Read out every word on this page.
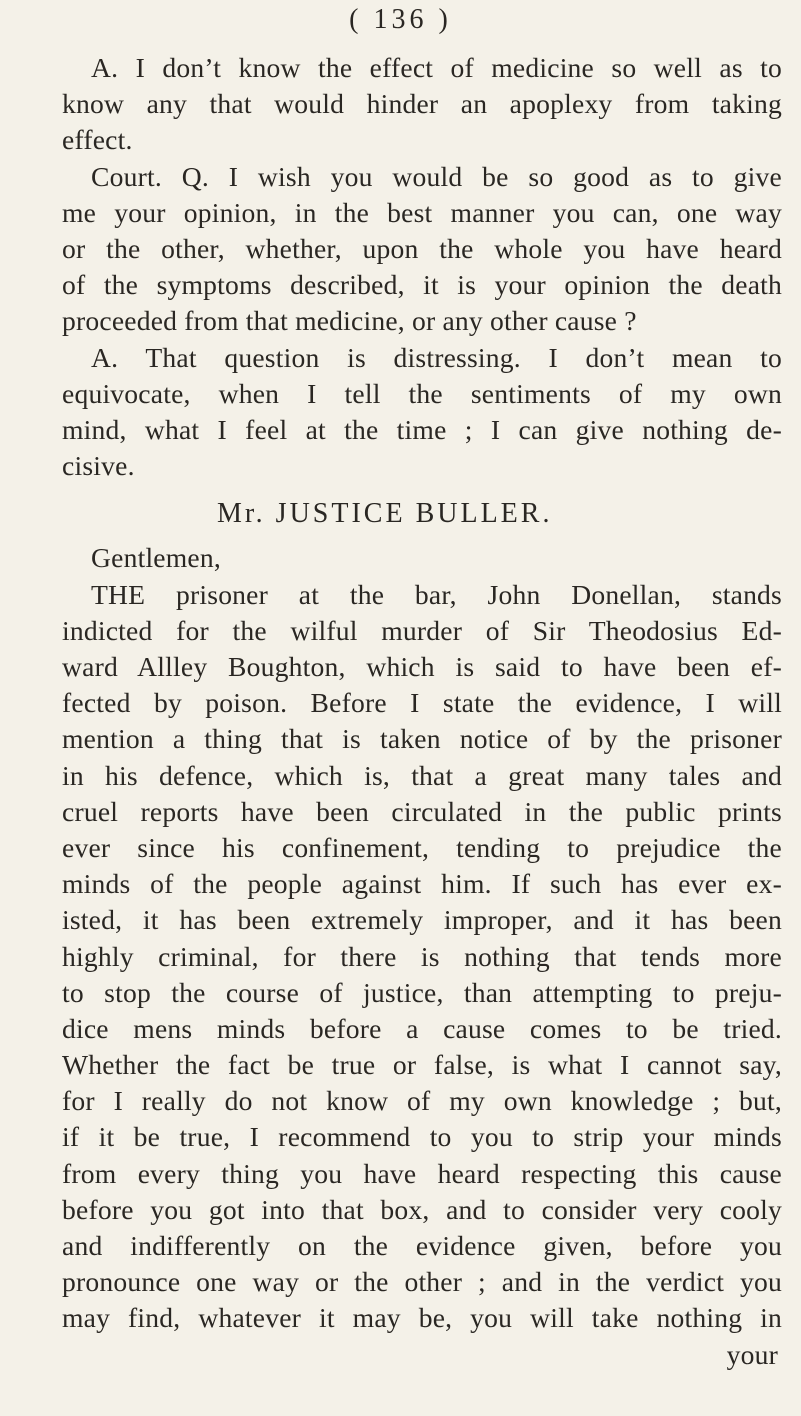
( 136 )
A. I don’t know the effect of medicine so well as to
know any that would hinder an apoplexy from taking
effect.
Court. Q. I wish you would be so good as to give
me your opinion, in the best manner you can, one way
or the other, whether, upon the whole you have heard
of the symptoms described, it is your opinion the death
proceeded from that medicine, or any other cause ?
A. That question is distressing. I don’t mean to
equivocate, when I tell the sentiments of my own
mind, what I feel at the time ; I can give nothing de-
cisive.
Mr. JUSTICE BULLER.
Gentlemen,
THE prisoner at the bar, John Donellan, stands
indicted for the wilful murder of Sir Theodosius Ed-
ward Allley Boughton, which is said to have been ef-
fected by poison. Before I state the evidence, I will
mention a thing that is taken notice of by the prisoner
in his defence, which is, that a great many tales and
cruel reports have been circulated in the public prints
ever since his confinement, tending to prejudice the
minds of the people against him. If such has ever ex-
isted, it has been extremely improper, and it has been
highly criminal, for there is nothing that tends more
to stop the course of justice, than attempting to preju-
dice mens minds before a cause comes to be tried.
Whether the fact be true or false, is what I cannot say,
for I really do not know of my own knowledge ; but,
if it be true, I recommend to you to strip your minds
from every thing you have heard respecting this cause
before you got into that box, and to consider very cooly
and indifferently on the evidence given, before you
pronounce one way or the other ; and in the verdict you
may find, whatever it may be, you will take nothing in
your
